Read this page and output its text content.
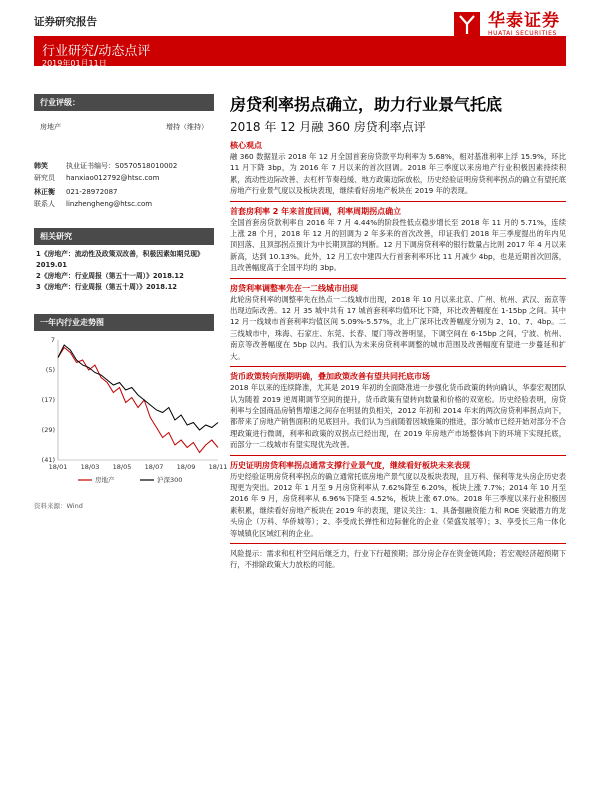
证券研究报告	华泰证券
HUATAI SECURITIES
行业研究/动态点评
2019年01月11日
行业评级：
房地产	增持（维持）
韩笑
研究员
执业证书编号：S0570518010002
hanxiao012792@htsc.com
林正衡
联系人
021-28972087
linzhengheng@htsc.com
相关研究
1《房地产：流动性及政策双改善，积极因素如期兑现》2019.01
2《房地产：行业周报（第五十一周）》2018.12
3《房地产：行业周报（第五十周）》2018.12
一年内行业走势图
7
(5)
(17)
(29)
(41)
18/01 18/03 18/05 18/07 18/09 18/11
房地产	沪深300
资料来源：Wind
房贷利率拐点确立，助力行业景气托底
2018 年 12 月融 360 房贷利率点评
核心观点
融 360 数据显示 2018 年 12 月全国首套房贷款平均利率为 5.68%，相对基准利率上浮 15.9%，环比 11 月下降 3bp，为 2016 年 7 月以来的首次回调。2018 年三季度以来房地产行业积极因素持续积累，流动性边际改善、去杠杆节奏趋缓、地方政策边际放松，历史经验证明房贷利率拐点的确立有望托底房地产行业景气度以及板块表现，继续看好房地产板块在 2019 年的表现。
首套房利率 2 年来首度回调，利率周期拐点确立
全国首套房贷款利率自 2016 年 7 月 4.44%的阶段性低点稳步增长至 2018 年 11 月的 5.71%，连续上涨 28 个月，2018 年 12 月的回调为 2 年多来的首次改善，印证我们 2018 年三季度提出的年内见顶回落、且顶部拐点预计为中长期顶部的判断。12 月下调房贷利率的银行数量占比则 2017 年 4 月以来新高，达到 10.13%。此外，12 月工农中建四大行首套利率环比 11 月减少 4bp，也是近期首次回落，且改善幅度高于全国平均的 3bp。
房贷利率调整率先在一二线城市出现
此轮房贷利率的调整率先在热点一二线城市出现，2018 年 10 月以来北京、广州、杭州、武汉、南京等出现边际改善。12 月 35 城中共有 17 城首套利率均值环比下降，环比改善幅度在 1-15bp 之间。其中 12 月一线城市首套利率均值区间 5.09%-5.57%，北上广深环比改善幅度分别为 2、10、7、4bp。二三线城市中，珠海、石家庄、东莞、长春、厦门等改善明显，下调空间在 6-15bp 之间，宁波、杭州、南京等改善幅度在 5bp 以内。我们认为未来房贷利率调整的城市范围及改善幅度有望进一步蔓延和扩大。
货币政策转向预期明确，叠加政策改善有望共同托底市场
2018 年以来的连续降准，尤其是 2019 年初的全面降准进一步强化货币政策的转向确认，华泰宏观团队认为随着 2019 逆周期调节空间的提升，货币政策有望转向数量和价格的双宽松。历史经验表明，房贷利率与全国商品房销售增速之间存在明显的负相关，2012 年初和 2014 年末的两次房贷利率拐点向下，都带来了房地产销售面积的见底回升。我们认为当前随着因城施策的推进，部分城市已经开始对部分不合理政策进行微调，利率和政策的双拐点已经出现，在 2019 年房地产市场整体向下的环境下实现托底，而部分一二线城市有望实现优先改善。
历史证明房贷利率拐点通常支撑行业景气度，继续看好板块未来表现
历史经验证明房贷利率拐点的确立通常托底房地产景气度以及板块表现，且万科、保利等龙头房企历史表现更为突出。2012 年 1 月至 9 月房贷利率从 7.62%降至 6.20%，板块上涨 7.7%；2014 年 10 月至 2016 年 9 月，房贷利率从 6.96%下降至 4.52%，板块上涨 67.0%。2018 年三季度以来行业积极因素积累，继续看好房地产板块在 2019 年的表现，建议关注：1、具备强融资能力和 ROE 突破潜力的龙头房企（万科、华侨城等）；2、李受成长弹性和边际催化的企业（荣盛发展等）；3、享受长三角一体化等城镇化区域红利的企业。
风险提示：需求和杠杆空间后继乏力，行业下行超预期；部分房企存在资金链风险；若宏观经济超预期下行，不排除政策大力放松的可能。
